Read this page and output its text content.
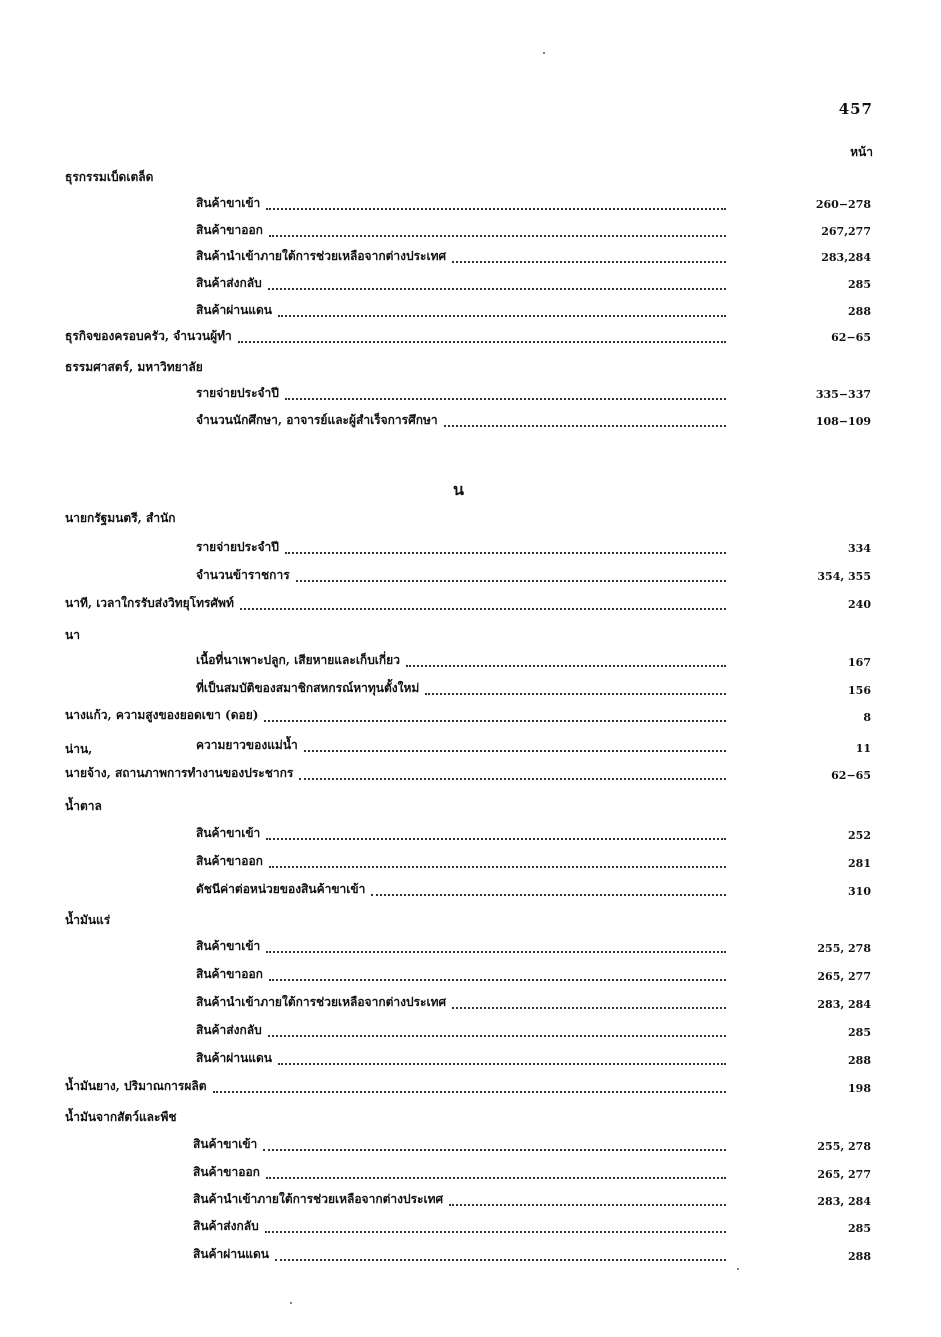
457
หน้า
ธุรกรรมเบ็ดเตล็ด
สินค้าขาเข้า	260−278
สินค้าขาออก	267,277
สินค้านำเข้าภายใต้การช่วยเหลือจากต่างประเทศ	283,284
สินค้าส่งกลับ	285
สินค้าผ่านแดน	288
ธุรกิจของครอบครัว, จำนวนผู้ทำ	62−65
ธรรมศาสตร์, มหาวิทยาลัย
รายจ่ายประจำปี	335−337
จำนวนนักศึกษา, อาจารย์และผู้สำเร็จการศึกษา	108−109
น
นายกรัฐมนตรี, สำนัก
รายจ่ายประจำปี	334
จำนวนข้าราชการ	354, 355
นาที, เวลาใกรรับส่งวิทยุโทรศัพท์	240
นา
เนื้อที่นาเพาะปลูก, เสียหายและเก็บเกี่ยว	167
ที่เป็นสมบัติของสมาชิกสหกรณ์หาทุนตั้งใหม่	156
นางแก้ว, ความสูงของยอดเขา (ดอย)	8
น่าน,	ความยาวของแม่น้ำ	11
นายจ้าง, สถานภาพการทำงานของประชากร	62−65
น้ำตาล
สินค้าขาเข้า	252
สินค้าขาออก	281
ดัชนีค่าต่อหน่วยของสินค้าขาเข้า	310
น้ำมันแร่
สินค้าขาเข้า	255, 278
สินค้าขาออก	265, 277
สินค้านำเข้าภายใต้การช่วยเหลือจากต่างประเทศ	283, 284
สินค้าส่งกลับ	285
สินค้าผ่านแดน	288
น้ำมันยาง, ปริมาณการผลิต	198
น้ำมันจากสัตว์และพืช
สินค้าขาเข้า	255, 278
สินค้าขาออก	265, 277
สินค้านำเข้าภายใต้การช่วยเหลือจากต่างประเทศ	283, 284
สินค้าส่งกลับ	285
สินค้าผ่านแดน	288
